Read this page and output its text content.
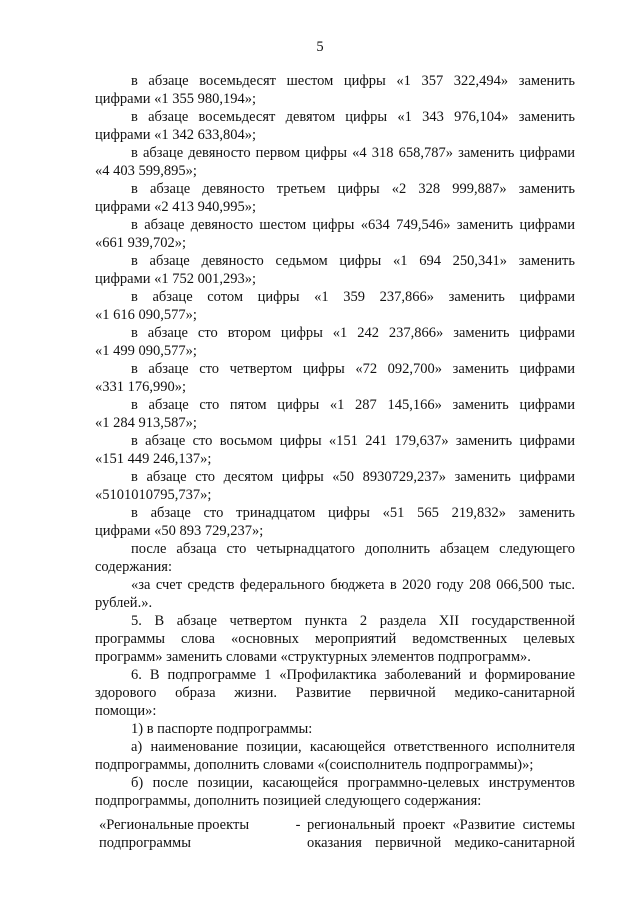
5
в абзаце восемьдесят шестом цифры «1 357 322,494» заменить
цифрами «1 355 980,194»;
в абзаце восемьдесят девятом цифры «1 343 976,104» заменить
цифрами «1 342 633,804»;
в абзаце девяносто первом цифры «4 318 658,787» заменить цифрами
«4 403 599,895»;
в абзаце девяносто третьем цифры «2 328 999,887» заменить
цифрами «2 413 940,995»;
в абзаце девяносто шестом цифры «634 749,546» заменить цифрами
«661 939,702»;
в абзаце девяносто седьмом цифры «1 694 250,341» заменить
цифрами «1 752 001,293»;
в абзаце сотом цифры «1 359 237,866» заменить цифрами
«1 616 090,577»;
в абзаце сто втором цифры «1 242 237,866» заменить цифрами
«1 499 090,577»;
в абзаце сто четвертом цифры «72 092,700» заменить цифрами
«331 176,990»;
в абзаце сто пятом цифры «1 287 145,166» заменить цифрами
«1 284 913,587»;
в абзаце сто восьмом цифры «151 241 179,637» заменить цифрами
«151 449 246,137»;
в абзаце сто десятом цифры «50 8930729,237» заменить цифрами
«5101010795,737»;
в абзаце сто тринадцатом цифры «51 565 219,832» заменить
цифрами «50 893 729,237»;
после абзаца сто четырнадцатого дополнить абзацем следующего
содержания:
«за счет средств федерального бюджета в 2020 году 208 066,500 тыс.
рублей.».
5. В абзаце четвертом пункта 2 раздела XII государственной
программы слова «основных мероприятий ведомственных целевых
программ» заменить словами «структурных элементов подпрограмм».
6. В подпрограмме 1 «Профилактика заболеваний и формирование
здорового образа жизни. Развитие первичной медико-санитарной
помощи»:
1) в паспорте подпрограммы:
а) наименование позиции, касающейся ответственного исполнителя
подпрограммы, дополнить словами «(соисполнитель подпрограммы)»;
б) после позиции, касающейся программно-целевых инструментов
подпрограммы, дополнить позицией следующего содержания:
«Региональные проекты
подпрограммы
- региональный проект «Развитие системы
оказания первичной медико-санитарной
